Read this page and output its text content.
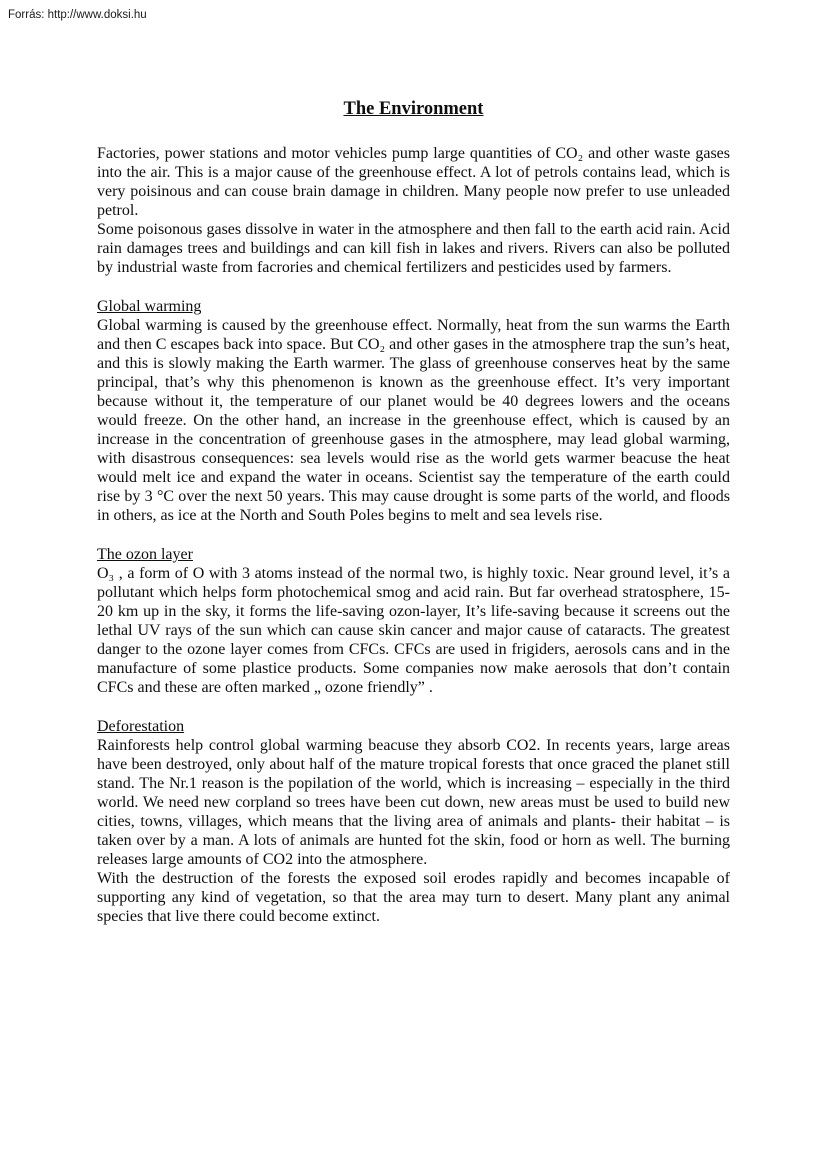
Forrás: http://www.doksi.hu
The Environment

Factories, power stations and motor vehicles pump large quantities of CO₂ and other waste gases into the air. This is a major cause of the greenhouse effect. A lot of petrols contains lead, which is very poisinous and can couse brain damage in children. Many people now prefer to use unleaded petrol.

Some poisonous gases dissolve in water in the atmosphere and then fall to the earth acid rain. Acid rain damages trees and buildings and can kill fish in lakes and rivers. Rivers can also be polluted by industrial waste from facrories and chemical fertilizers and pesticides used by farmers.

Global warming

Global warming is caused by the greenhouse effect. Normally, heat from the sun warms the Earth and then C escapes back into space. But CO₂ and other gases in the atmosphere trap the sun’s heat, and this is slowly making the Earth warmer. The glass of greenhouse conserves heat by the same principal, that’s why this phenomenon is known as the greenhouse effect. It’s very important because without it, the temperature of our planet would be 40 degrees lowers and the oceans would freeze. On the other hand, an increase in the greenhouse effect, which is caused by an increase in the concentration of greenhouse gases in the atmosphere, may lead global warming, with disastrous consequences: sea levels would rise as the world gets warmer beacuse the heat would melt ice and expand the water in oceans. Scientist say the temperature of the earth could rise by 3 °C over the next 50 years. This may cause drought is some parts of the world, and floods in others, as ice at the North and South Poles begins to melt and sea levels rise.

The ozon layer

O₃ , a form of O with 3 atoms instead of the normal two, is highly toxic. Near ground level, it’s a pollutant which helps form photochemical smog and acid rain. But far overhead stratosphere, 15-20 km up in the sky, it forms the life-saving ozon-layer, It’s life-saving because it screens out the lethal UV rays of the sun which can cause skin cancer and major cause of cataracts. The greatest danger to the ozone layer comes from CFCs. CFCs are used in frigiders, aerosols cans and in the manufacture of some plastice products. Some companies now make aerosols that don’t contain CFCs and these are often marked „ ozone friendly” .

Deforestation

Rainforests help control global warming beacuse they absorb CO2. In recents years, large areas have been destroyed, only about half of the mature tropical forests that once graced the planet still stand. The Nr.1 reason is the popilation of the world, which is increasing – especially in the third world. We need new corpland so trees have been cut down, new areas must be used to build new cities, towns, villages, which means that the living area of animals and plants- their habitat – is taken over by a man. A lots of animals are hunted fot the skin, food or horn as well. The burning releases large amounts of CO2 into the atmosphere.

With the destruction of the forests the exposed soil erodes rapidly and becomes incapable of supporting any kind of vegetation, so that the area may turn to desert. Many plant any animal species that live there could become extinct.
